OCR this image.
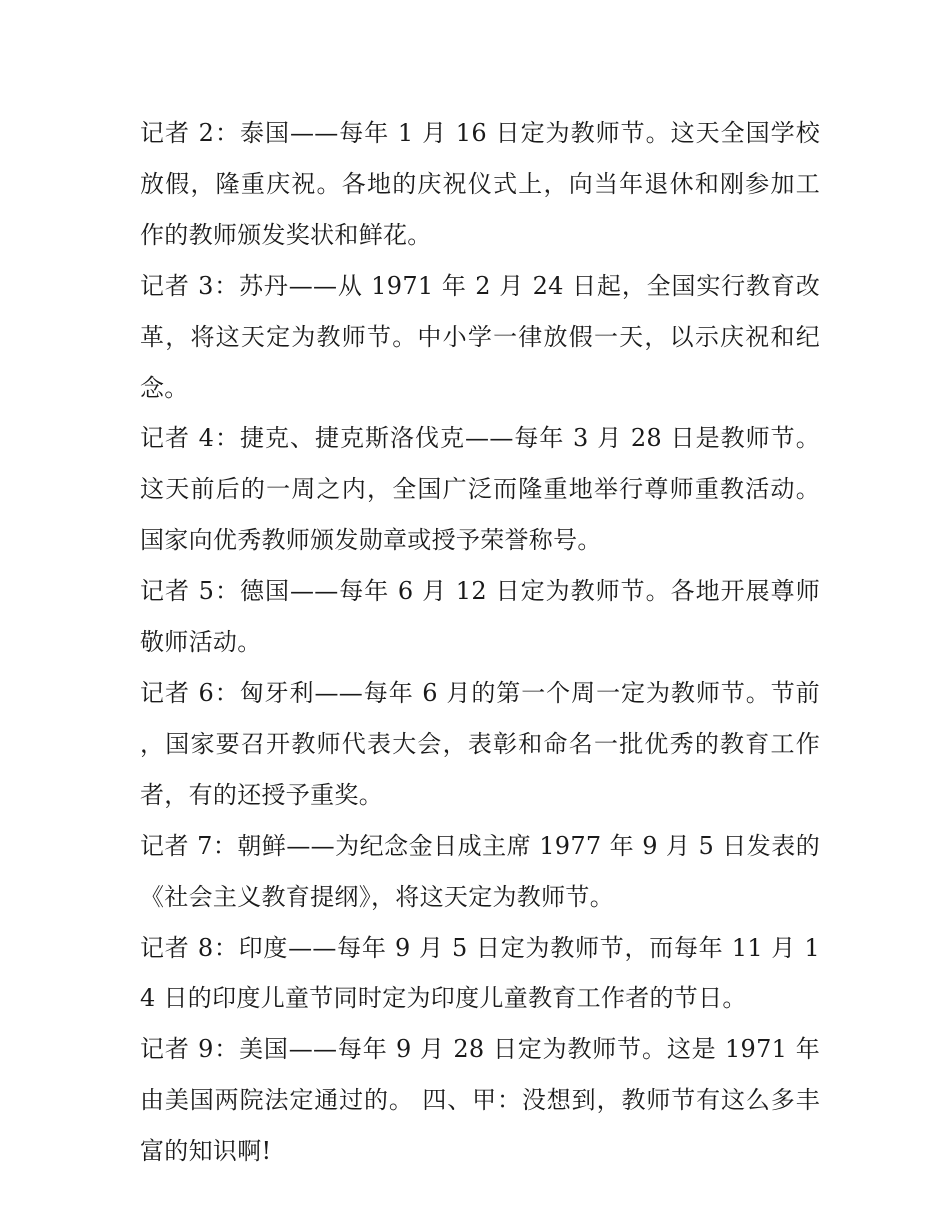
记者 2：泰国——每年 1 月 16 日定为教师节。这天全国学校放假，隆重庆祝。各地的庆祝仪式上，向当年退休和刚参加工作的教师颁发奖状和鲜花。

记者 3：苏丹——从 1971 年 2 月 24 日起，全国实行教育改革，将这天定为教师节。中小学一律放假一天，以示庆祝和纪念。

记者 4：捷克、捷克斯洛伐克——每年 3 月 28 日是教师节。这天前后的一周之内，全国广泛而隆重地举行尊师重教活动。国家向优秀教师颁发勋章或授予荣誉称号。

记者 5：德国——每年 6 月 12 日定为教师节。各地开展尊师敬师活动。

记者 6：匈牙利——每年 6 月的第一个周一定为教师节。节前，国家要召开教师代表大会，表彰和命名一批优秀的教育工作者，有的还授予重奖。

记者 7：朝鲜——为纪念金日成主席 1977 年 9 月 5 日发表的《社会主义教育提纲》，将这天定为教师节。

记者 8：印度——每年 9 月 5 日定为教师节，而每年 11 月 14 日的印度儿童节同时定为印度儿童教育工作者的节日。

记者 9：美国——每年 9 月 28 日定为教师节。这是 1971 年由美国两院法定通过的。 四、甲：没想到，教师节有这么多丰富的知识啊!
